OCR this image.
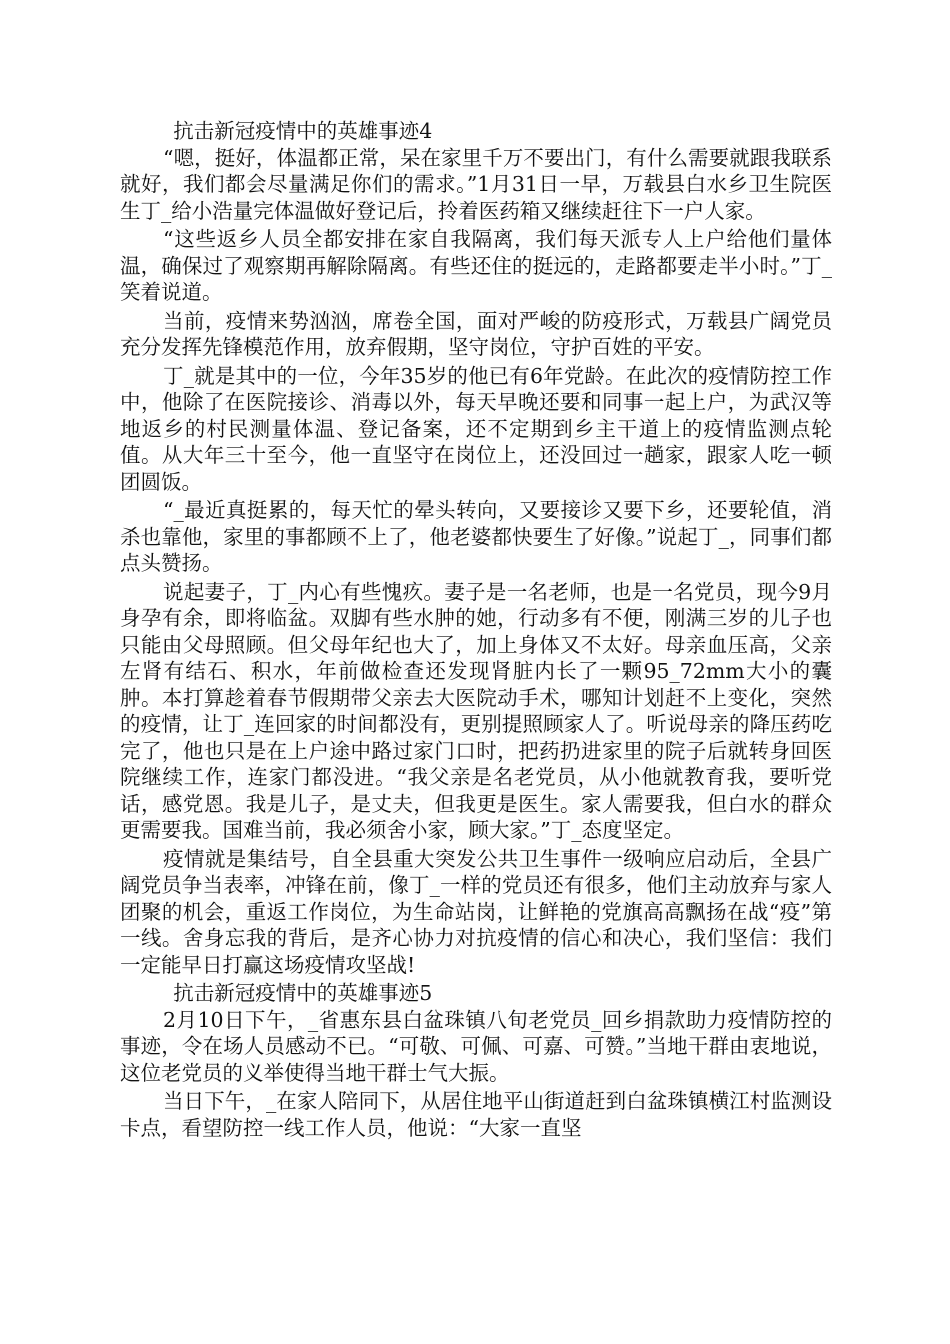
抗击新冠疫情中的英雄事迹4

“嗯，挺好，体温都正常，呆在家里千万不要出门，有什么需要就跟我联系就好，我们都会尽量满足你们的需求。”1月31日一早，万载县白水乡卫生院医生丁_给小浩量完体温做好登记后，拎着医药箱又继续赶往下一户人家。

“这些返乡人员全都安排在家自我隔离，我们每天派专人上户给他们量体温，确保过了观察期再解除隔离。有些还住的挺远的，走路都要走半小时。”丁_笑着说道。

当前，疫情来势汹汹，席卷全国，面对严峻的防疫形式，万载县广阔党员充分发挥先锋模范作用，放弃假期，坚守岗位，守护百姓的平安。

丁_就是其中的一位，今年35岁的他已有6年党龄。在此次的疫情防控工作中，他除了在医院接诊、消毒以外，每天早晚还要和同事一起上户，为武汉等地返乡的村民测量体温、登记备案，还不定期到乡主干道上的疫情监测点轮值。从大年三十至今，他一直坚守在岗位上，还没回过一趟家，跟家人吃一顿团圆饭。

“_最近真挺累的，每天忙的晕头转向，又要接诊又要下乡，还要轮值，消杀也靠他，家里的事都顾不上了，他老婆都快要生了好像。”说起丁_，同事们都点头赞扬。

说起妻子，丁_内心有些愧疚。妻子是一名老师，也是一名党员，现今9月身孕有余，即将临盆。双脚有些水肿的她，行动多有不便，刚满三岁的儿子也只能由父母照顾。但父母年纪也大了，加上身体又不太好。母亲血压高，父亲左肾有结石、积水，年前做检查还发现肾脏内长了一颗95_72mm大小的囊肿。本打算趁着春节假期带父亲去大医院动手术，哪知计划赶不上变化，突然的疫情，让丁_连回家的时间都没有，更别提照顾家人了。听说母亲的降压药吃完了，他也只是在上户途中路过家门口时，把药扔进家里的院子后就转身回医院继续工作，连家门都没进。“我父亲是名老党员，从小他就教育我，要听党话，感党恩。我是儿子，是丈夫，但我更是医生。家人需要我，但白水的群众更需要我。国难当前，我必须舍小家，顾大家。”丁_态度坚定。

疫情就是集结号，自全县重大突发公共卫生事件一级响应启动后，全县广阔党员争当表率，冲锋在前，像丁_一样的党员还有很多，他们主动放弃与家人团聚的机会，重返工作岗位，为生命站岗，让鲜艳的党旗高高飘扬在战“疫”第一线。舍身忘我的背后，是齐心协力对抗疫情的信心和决心，我们坚信：我们一定能早日打赢这场疫情攻坚战!

抗击新冠疫情中的英雄事迹5

2月10日下午，_省惠东县白盆珠镇八旬老党员_回乡捐款助力疫情防控的事迹，令在场人员感动不已。“可敬、可佩、可嘉、可赞。”当地干群由衷地说，这位老党员的义举使得当地干群士气大振。

当日下午，_在家人陪同下，从居住地平山街道赶到白盆珠镇横江村监测设卡点，看望防控一线工作人员，他说：“大家一直坚
